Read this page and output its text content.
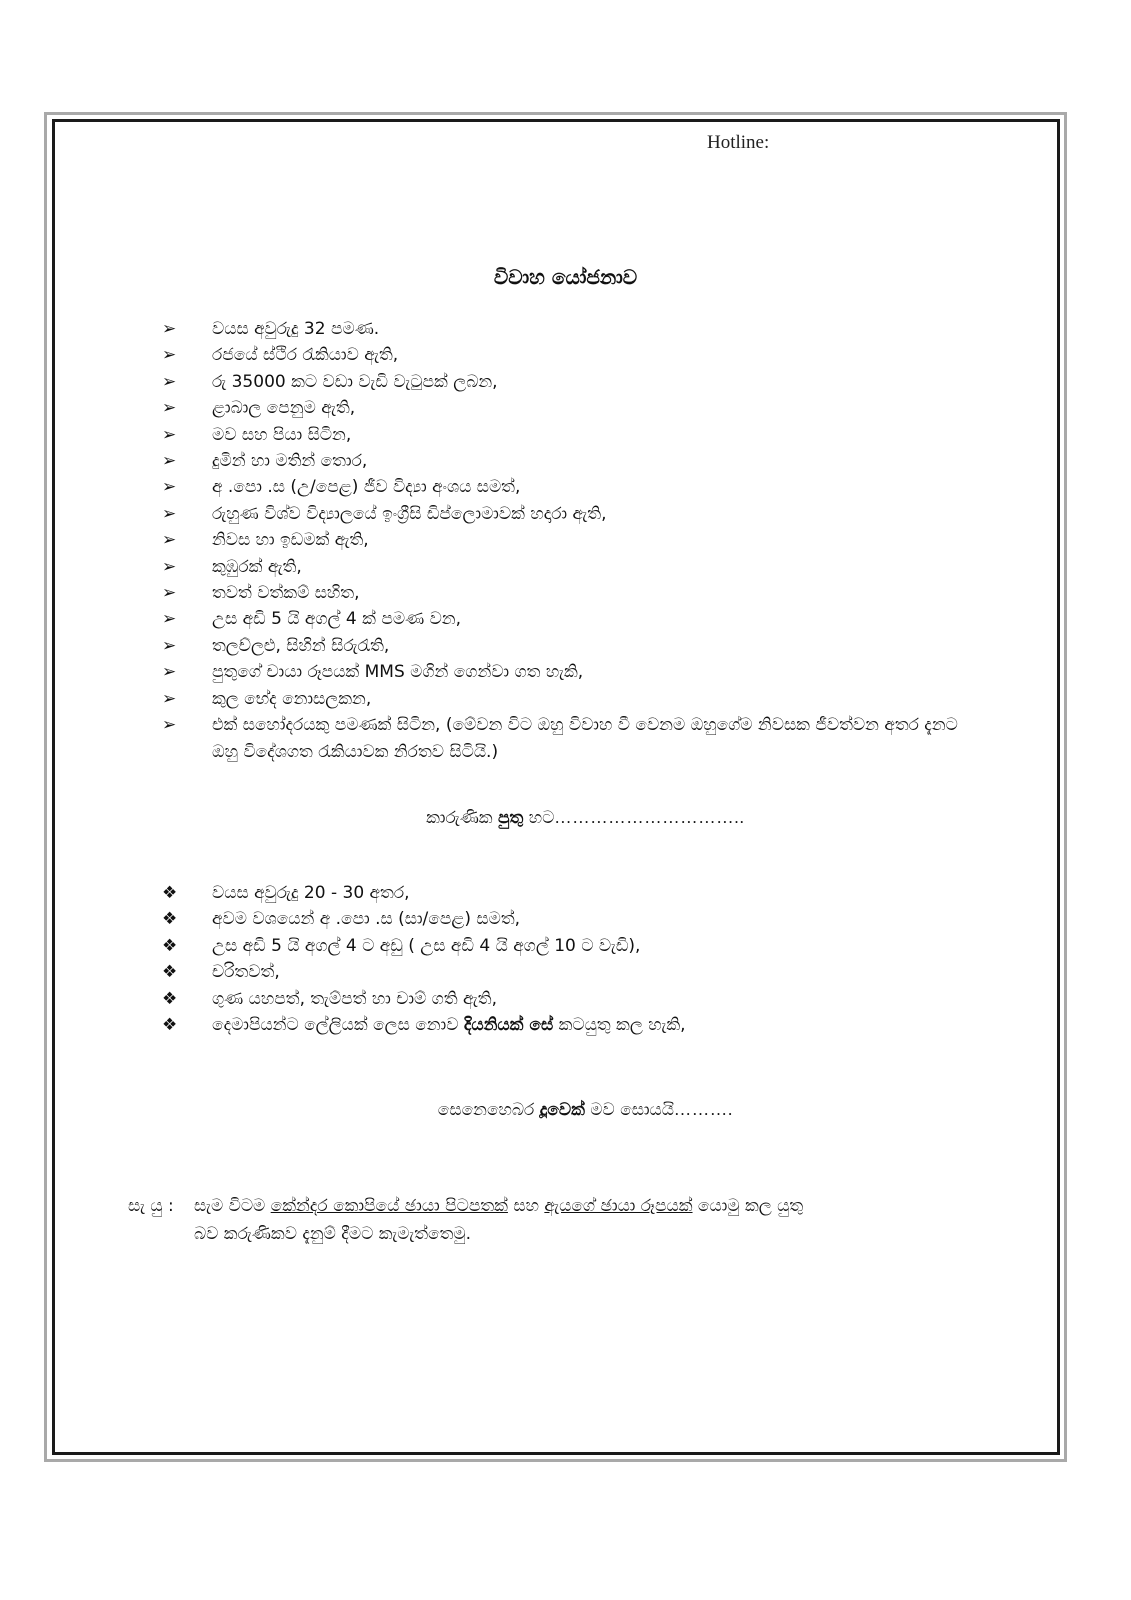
Hotline:
විවාහ යෝජනාව
➢	වයස අවුරුදු 32 පමණ.
➢	රජයේ ස්ථිර රැකියාව ඇති,
➢	රු 35000 කට වඩා වැඩි වැටුපක් ලබන,
➢	ළාබාල පෙනුම ඇති,
➢	මව සහ පියා සිටින,
➢	දුමින් හා මතින් තොර,
➢	අ .පො .ස (උ/පෙළ) ජීව විද්‍යා අංශය සමත්,
➢	රුහුණ විශ්ව විද්‍යාලයේ ඉංග්‍රීසි ඩිප්ලොමාවක් හදාරා ඇති,
➢	නිවස හා ඉඩමක් ඇති,
➢	කුඹුරක් ඇති,
➢	තවත් වත්කම් සහිත,
➢	උස අඩි 5 යි අගල් 4 ක් පමණ වන,
➢	තලච්ලළු, සිහින් සිරුරැති,
➢	පුතුගේ චායා රූපයක් MMS මගින් ගෙන්වා ගත හැකි,
➢	කුල භේද නොසලකන,
➢	එක් සහෝදරයකු පමණක් සිටින, (මේවන විට ඔහු විවාහ වී වෙනම ඔහුගේම නිවසක ජීවත්වන අතර දැනට ඔහු විදේශගත රැකියාවක නිරතව සිටියි.)
කාරුණික පුතු හට…………………………..
❖	වයස අවුරුදු 20 - 30 අතර,
❖	අවම වශයෙන් අ .පො .ස (සා/පෙළ) සමත්,
❖	උස අඩි 5 යි අගල් 4 ට අඩු ( උස අඩි 4 යි අගල් 10 ට වැඩි),
❖	චරිතවත්,
❖	ගුණ යහපත්, තැම්පත් හා චාම් ගති ඇති,
❖	දෙමාපියන්ට ලේලියක් ලෙස නොව දියනියක් සේ කටයුතු කල හැකි,
සෙනෙහෙබර දූවෙක් මව සොයයි……….
සැ යු : සැම විටම කේන්දර කොපියේ ඡායා පිටපතක් සහ ඇයගේ ඡායා රූපයක් යොමු කල යුතු
බව කරුණිකව දැනුම් දීමට කැමැත්තෙමු.
